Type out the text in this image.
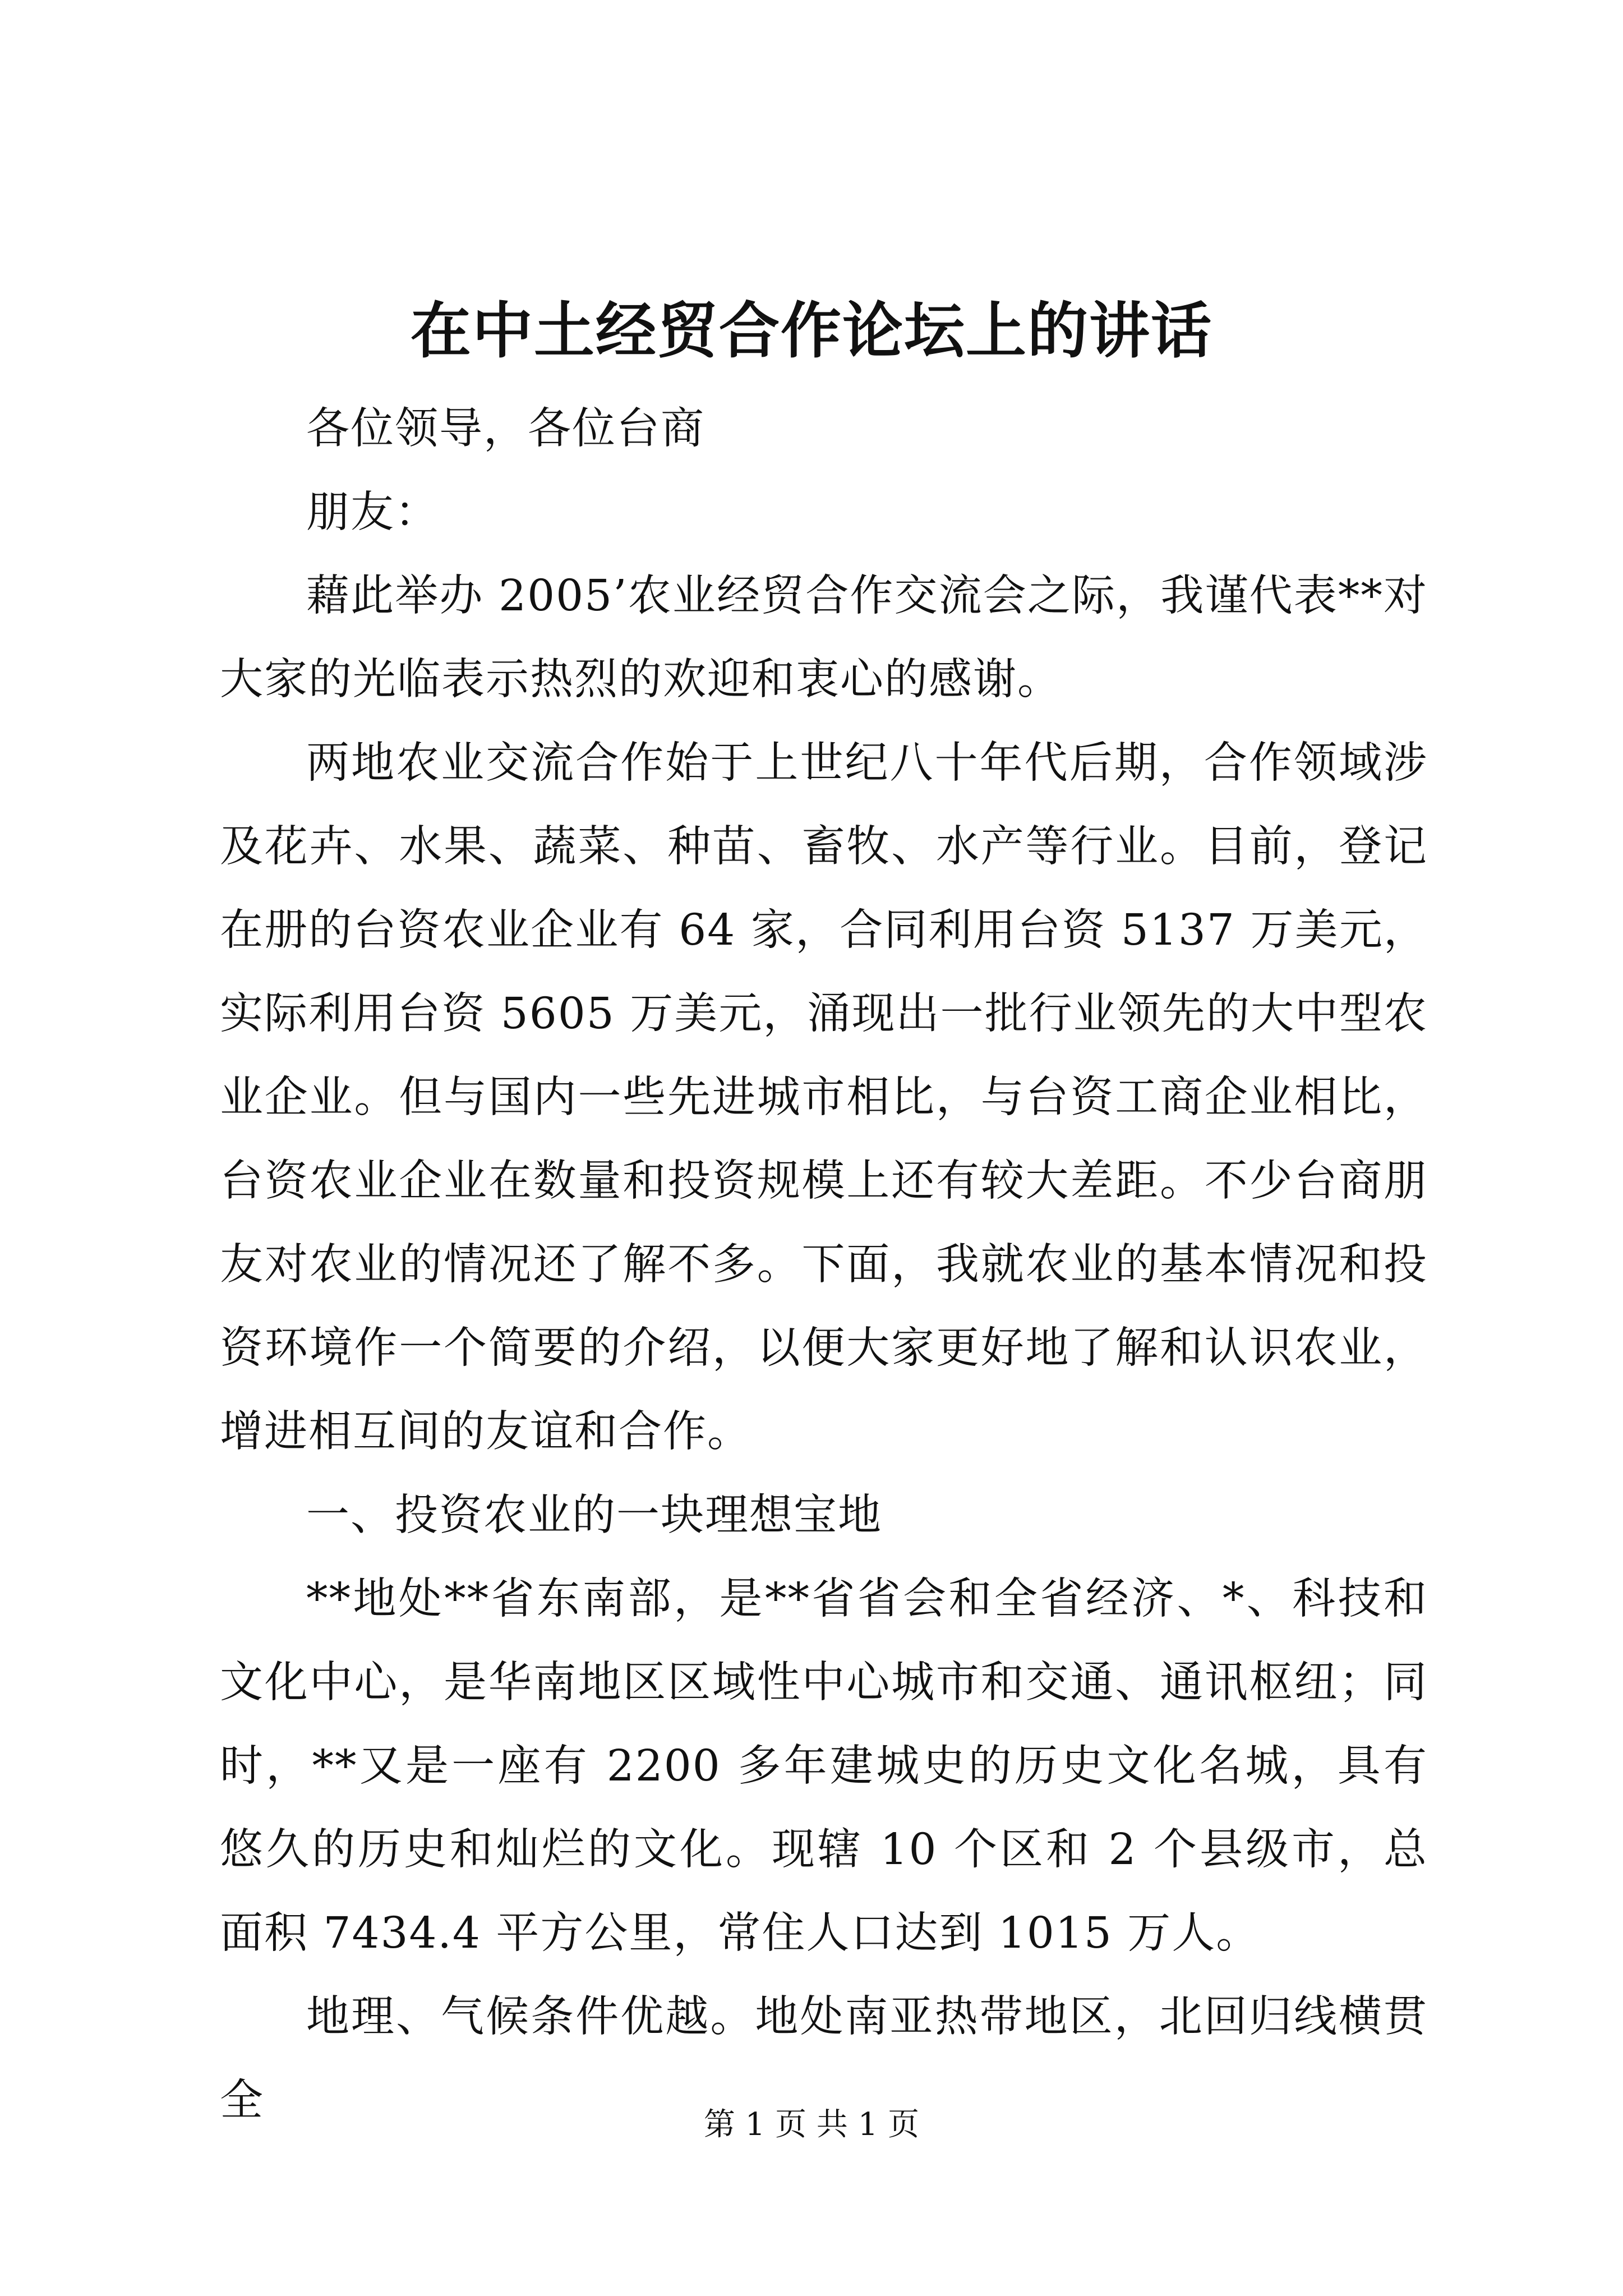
在中土经贸合作论坛上的讲话

各位领导，各位台商

朋友：

藉此举办 2005’农业经贸合作交流会之际，我谨代表**对大家的光临表示热烈的欢迎和衷心的感谢。

两地农业交流合作始于上世纪八十年代后期，合作领域涉及花卉、水果、蔬菜、种苗、畜牧、水产等行业。目前，登记在册的台资农业企业有 64 家，合同利用台资 5137 万美元，实际利用台资 5605 万美元，涌现出一批行业领先的大中型农业企业。但与国内一些先进城市相比，与台资工商企业相比，台资农业企业在数量和投资规模上还有较大差距。不少台商朋友对农业的情况还了解不多。下面，我就农业的基本情况和投资环境作一个简要的介绍，以便大家更好地了解和认识农业，增进相互间的友谊和合作。

一、投资农业的一块理想宝地

**地处**省东南部，是**省省会和全省经济、*、科技和文化中心，是华南地区区域性中心城市和交通、通讯枢纽；同时，**又是一座有 2200 多年建城史的历史文化名城，具有悠久的历史和灿烂的文化。现辖 10 个区和 2 个县级市，总面积 7434.4 平方公里，常住人口达到 1015 万人。

地理、气候条件优越。地处南亚热带地区，北回归线横贯全	第 1 页 共 1 页
